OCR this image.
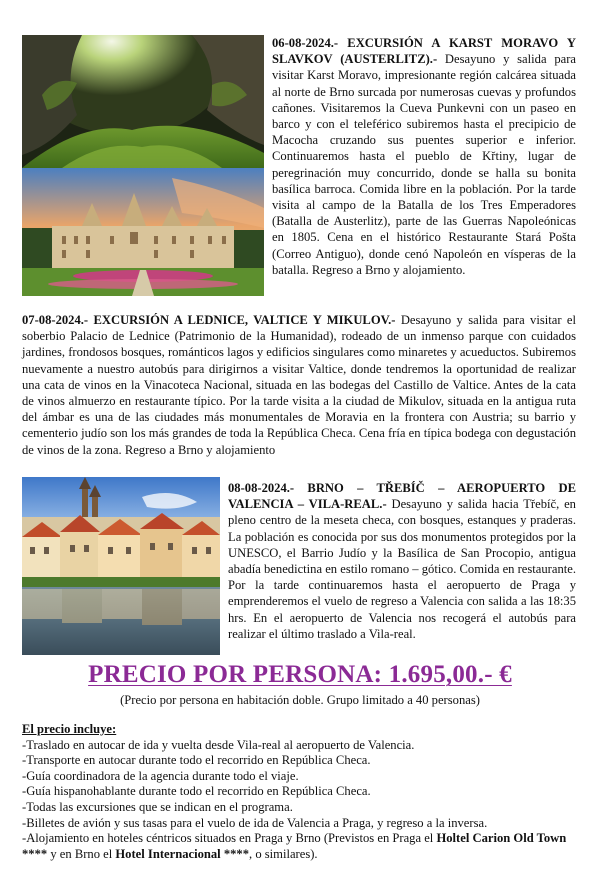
06-08-2024.- EXCURSIÓN A KARST MORAVO Y SLAVKOV (AUSTERLITZ).- Desayuno y salida para visitar Karst Moravo, impresionante región calcárea situada al norte de Brno surcada por numerosas cuevas y profundos cañones. Visitaremos la Cueva Punkevni con un paseo en barco y con el teleférico subiremos hasta el precipicio de Macocha cruzando sus puentes superior e inferior. Continuaremos hasta el pueblo de Křtiny, lugar de peregrinación muy concurrido, donde se halla su bonita basílica barroca. Comida libre en la población. Por la tarde visita al campo de la Batalla de los Tres Emperadores (Batalla de Austerlitz), parte de las Guerras Napoleónicas en 1805. Cena en el histórico Restaurante Stará Pošta (Correo Antiguo), donde cenó Napoleón en vísperas de la batalla. Regreso a Brno y alojamiento.

07-08-2024.- EXCURSIÓN A LEDNICE, VALTICE Y MIKULOV.- Desayuno y salida para visitar el soberbio Palacio de Lednice (Patrimonio de la Humanidad), rodeado de un inmenso parque con cuidados jardines, frondosos bosques, románticos lagos y edificios singulares como minaretes y acueductos. Subiremos nuevamente a nuestro autobús para dirigirnos a visitar Valtice, donde tendremos la oportunidad de realizar una cata de vinos en la Vinacoteca Nacional, situada en las bodegas del Castillo de Valtice. Antes de la cata de vinos almuerzo en restaurante típico. Por la tarde visita a la ciudad de Mikulov, situada en la antigua ruta del ámbar es una de las ciudades más monumentales de Moravia en la frontera con Austria; su barrio y cementerio judío son los más grandes de toda la República Checa. Cena fría en típica bodega con degustación de vinos de la zona. Regreso a Brno y alojamiento

08-08-2024.- BRNO – TŘEBÍČ – AEROPUERTO DE VALENCIA – VILA-REAL.- Desayuno y salida hacia Třebíč, en pleno centro de la meseta checa, con bosques, estanques y praderas. La población es conocida por sus dos monumentos protegidos por la UNESCO, el Barrio Judío y la Basílica de San Procopio, antigua abadía benedictina en estilo romano – gótico. Comida en restaurante. Por la tarde continuaremos hasta el aeropuerto de Praga y emprenderemos el vuelo de regreso a Valencia con salida a las 18:35 hrs. En el aeropuerto de Valencia nos recogerá el autobús para realizar el último traslado a Vila-real.

PRECIO POR PERSONA: 1.695,00.- €
(Precio por persona en habitación doble. Grupo limitado a 40 personas)
El precio incluye:
-Traslado en autocar de ida y vuelta desde Vila-real al aeropuerto de Valencia.
-Transporte en autocar durante todo el recorrido en República Checa.
-Guía coordinadora de la agencia durante todo el viaje.
-Guía hispanohablante durante todo el recorrido en República Checa.
-Todas las excursiones que se indican en el programa.
-Billetes de avión y sus tasas para el vuelo de ida de Valencia a Praga, y regreso a la inversa.
-Alojamiento en hoteles céntricos situados en Praga y Brno (Previstos en Praga el Holtel Carion Old Town **** y en Brno el Hotel Internacional ****, o similares).
